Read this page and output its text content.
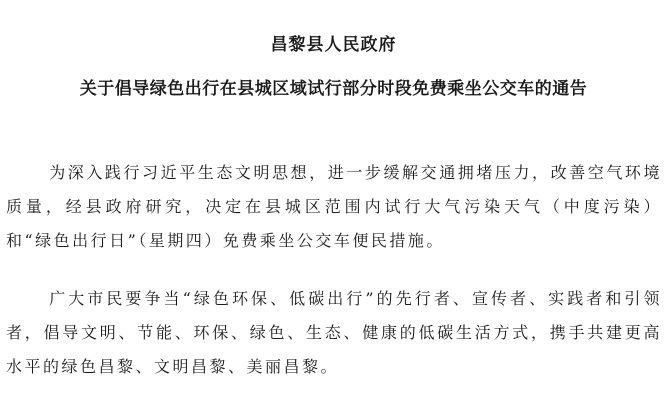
昌黎县人民政府
关于倡导绿色出行在县城区域试行部分时段免费乘坐公交车的通告

为深入践行习近平生态文明思想，进一步缓解交通拥堵压力，改善空气环境质量，经县政府研究，决定在县城区范围内试行大气污染天气（中度污染）和“绿色出行日”（星期四）免费乘坐公交车便民措施。

广大市民要争当“绿色环保、低碳出行”的先行者、宣传者、实践者和引领者，倡导文明、节能、环保、绿色、生态、健康的低碳生活方式，携手共建更高水平的绿色昌黎、文明昌黎、美丽昌黎。
